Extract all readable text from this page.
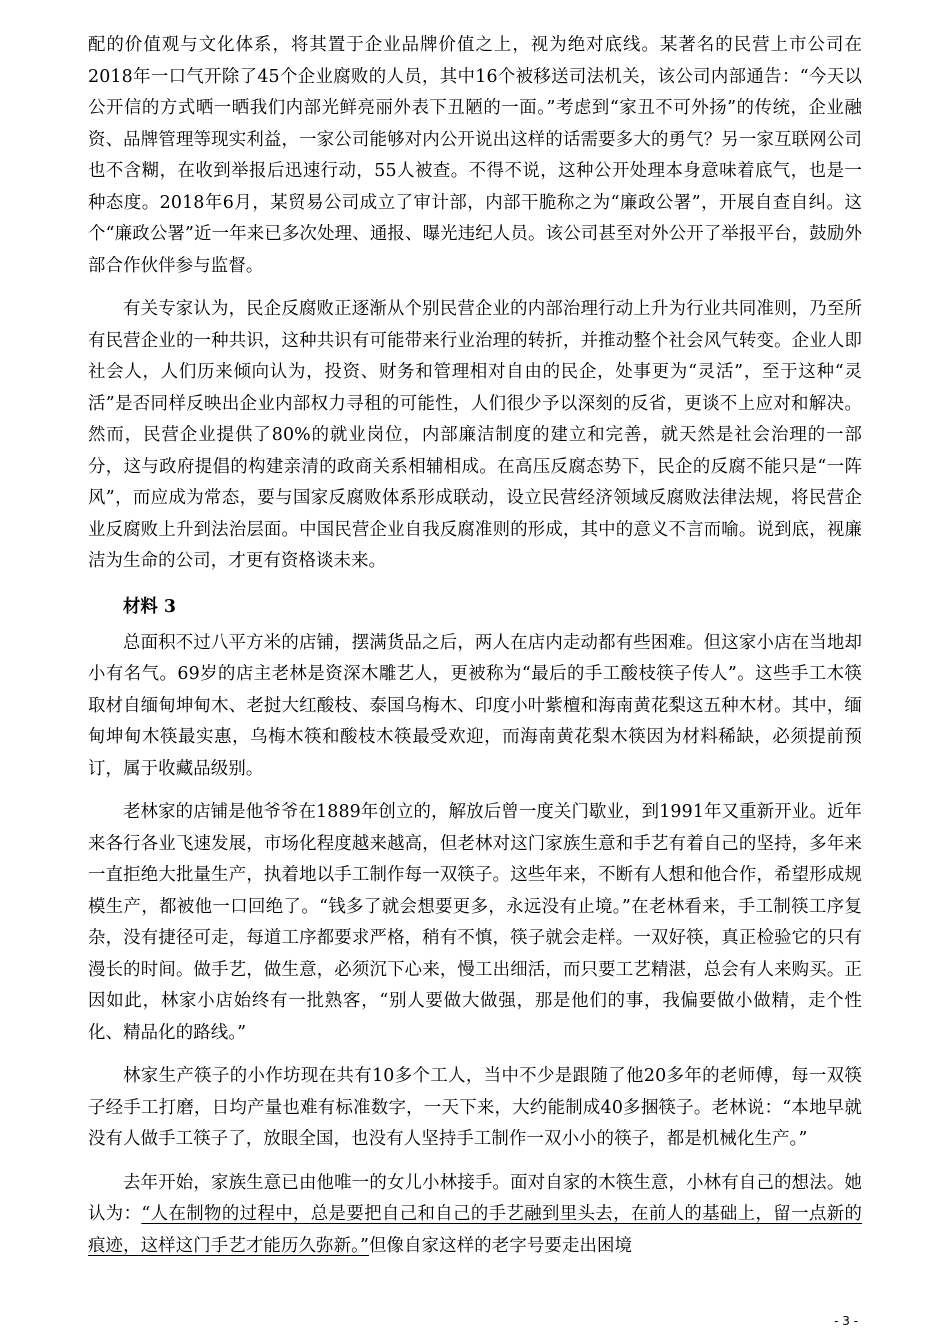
配的价值观与文化体系，将其置于企业品牌价值之上，视为绝对底线。某著名的民营上市公司在2018年一口气开除了45个企业腐败的人员，其中16个被移送司法机关，该公司内部通告：“今天以公开信的方式晒一晒我们内部光鲜亮丽外表下丑陋的一面。”考虑到“家丑不可外扬”的传统，企业融资、品牌管理等现实利益，一家公司能够对内公开说出这样的话需要多大的勇气？另一家互联网公司也不含糊，在收到举报后迅速行动，55人被查。不得不说，这种公开处理本身意味着底气，也是一种态度。2018年6月，某贸易公司成立了审计部，内部干脆称之为“廉政公署”，开展自查自纠。这个“廉政公署”近一年来已多次处理、通报、曝光违纪人员。该公司甚至对外公开了举报平台，鼓励外部合作伙伴参与监督。

有关专家认为，民企反腐败正逐渐从个别民营企业的内部治理行动上升为行业共同准则，乃至所有民营企业的一种共识，这种共识有可能带来行业治理的转折，并推动整个社会风气转变。企业人即社会人，人们历来倾向认为，投资、财务和管理相对自由的民企，处事更为“灵活”，至于这种“灵活”是否同样反映出企业内部权力寻租的可能性，人们很少予以深刻的反省，更谈不上应对和解决。然而，民营企业提供了80%的就业岗位，内部廉洁制度的建立和完善，就天然是社会治理的一部分，这与政府提倡的构建亲清的政商关系相辅相成。在高压反腐态势下，民企的反腐不能只是“一阵风”，而应成为常态，要与国家反腐败体系形成联动，设立民营经济领域反腐败法律法规，将民营企业反腐败上升到法治层面。中国民营企业自我反腐准则的形成，其中的意义不言而喻。说到底，视廉洁为生命的公司，才更有资格谈未来。

材料 3

总面积不过八平方米的店铺，摆满货品之后，两人在店内走动都有些困难。但这家小店在当地却小有名气。69岁的店主老林是资深木雕艺人，更被称为“最后的手工酸枝筷子传人”。这些手工木筷取材自缅甸坤甸木、老挝大红酸枝、泰国乌梅木、印度小叶紫檀和海南黄花梨这五种木材。其中，缅甸坤甸木筷最实惠，乌梅木筷和酸枝木筷最受欢迎，而海南黄花梨木筷因为材料稀缺，必须提前预订，属于收藏品级别。

老林家的店铺是他爷爷在1889年创立的，解放后曾一度关门歇业，到1991年又重新开业。近年来各行各业飞速发展，市场化程度越来越高，但老林对这门家族生意和手艺有着自己的坚持，多年来一直拒绝大批量生产，执着地以手工制作每一双筷子。这些年来，不断有人想和他合作，希望形成规模生产，都被他一口回绝了。“钱多了就会想要更多，永远没有止境。”在老林看来，手工制筷工序复杂，没有捷径可走，每道工序都要求严格，稍有不慎，筷子就会走样。一双好筷，真正检验它的只有漫长的时间。做手艺，做生意，必须沉下心来，慢工出细活，而只要工艺精湛，总会有人来购买。正因如此，林家小店始终有一批熟客，“别人要做大做强，那是他们的事，我偏要做小做精，走个性化、精品化的路线。”

林家生产筷子的小作坊现在共有10多个工人，当中不少是跟随了他20多年的老师傅，每一双筷子经手工打磨，日均产量也难有标准数字，一天下来，大约能制成40多捆筷子。老林说：“本地早就没有人做手工筷子了，放眼全国，也没有人坚持手工制作一双小小的筷子，都是机械化生产。”

去年开始，家族生意已由他唯一的女儿小林接手。面对自家的木筷生意，小林有自己的想法。她认为：“人在制物的过程中，总是要把自己和自己的手艺融到里头去，在前人的基础上，留一点新的痕迹，这样这门手艺才能历久弥新。”但像自家这样的老字号要走出困境

- 3 -
